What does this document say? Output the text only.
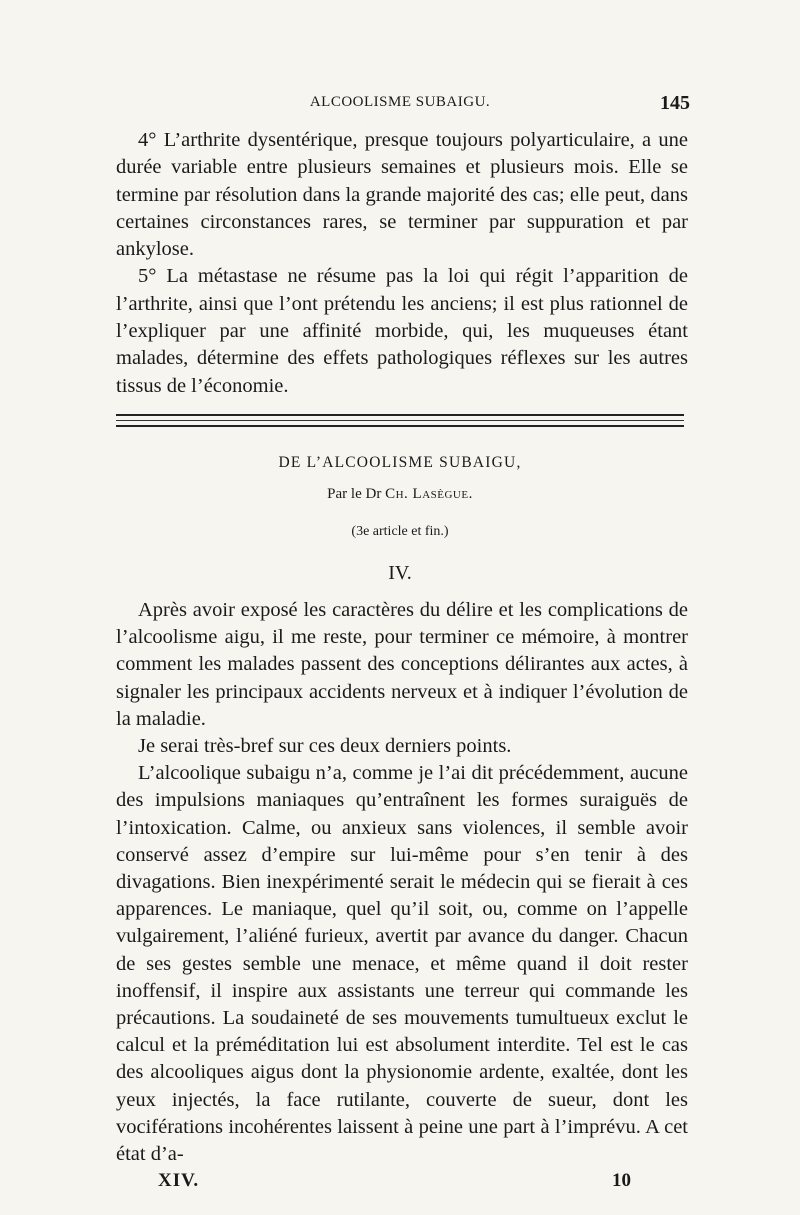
ALCOOLISME SUBAIGU.	145

4° L’arthrite dysentérique, presque toujours polyarticulaire, a une durée variable entre plusieurs semaines et plusieurs mois. Elle se termine par résolution dans la grande majorité des cas; elle peut, dans certaines circonstances rares, se terminer par suppuration et par ankylose.

5° La métastase ne résume pas la loi qui régit l’apparition de l’arthrite, ainsi que l’ont prétendu les anciens; il est plus rationnel de l’expliquer par une affinité morbide, qui, les muqueuses étant malades, détermine des effets pathologiques réflexes sur les autres tissus de l’économie.

DE L’ALCOOLISME SUBAIGU,
Par le Dr Ch. Lasègue.
(3e article et fin.)
IV.

Après avoir exposé les caractères du délire et les complications de l’alcoolisme aigu, il me reste, pour terminer ce mémoire, à montrer comment les malades passent des conceptions délirantes aux actes, à signaler les principaux accidents nerveux et à indiquer l’évolution de la maladie.

Je serai très-bref sur ces deux derniers points.

L’alcoolique subaigu n’a, comme je l’ai dit précédemment, aucune des impulsions maniaques qu’entraînent les formes suraiguës de l’intoxication. Calme, ou anxieux sans violences, il semble avoir conservé assez d’empire sur lui-même pour s’en tenir à des divagations. Bien inexpérimenté serait le médecin qui se fierait à ces apparences. Le maniaque, quel qu’il soit, ou, comme on l’appelle vulgairement, l’aliéné furieux, avertit par avance du danger. Chacun de ses gestes semble une menace, et même quand il doit rester inoffensif, il inspire aux assistants une terreur qui commande les précautions. La soudaineté de ses mouvements tumultueux exclut le calcul et la préméditation lui est absolument interdite. Tel est le cas des alcooliques aigus dont la physionomie ardente, exaltée, dont les yeux injectés, la face rutilante, couverte de sueur, dont les vociférations incohérentes laissent à peine une part à l’imprévu. A cet état d’a-

XIV.	10
